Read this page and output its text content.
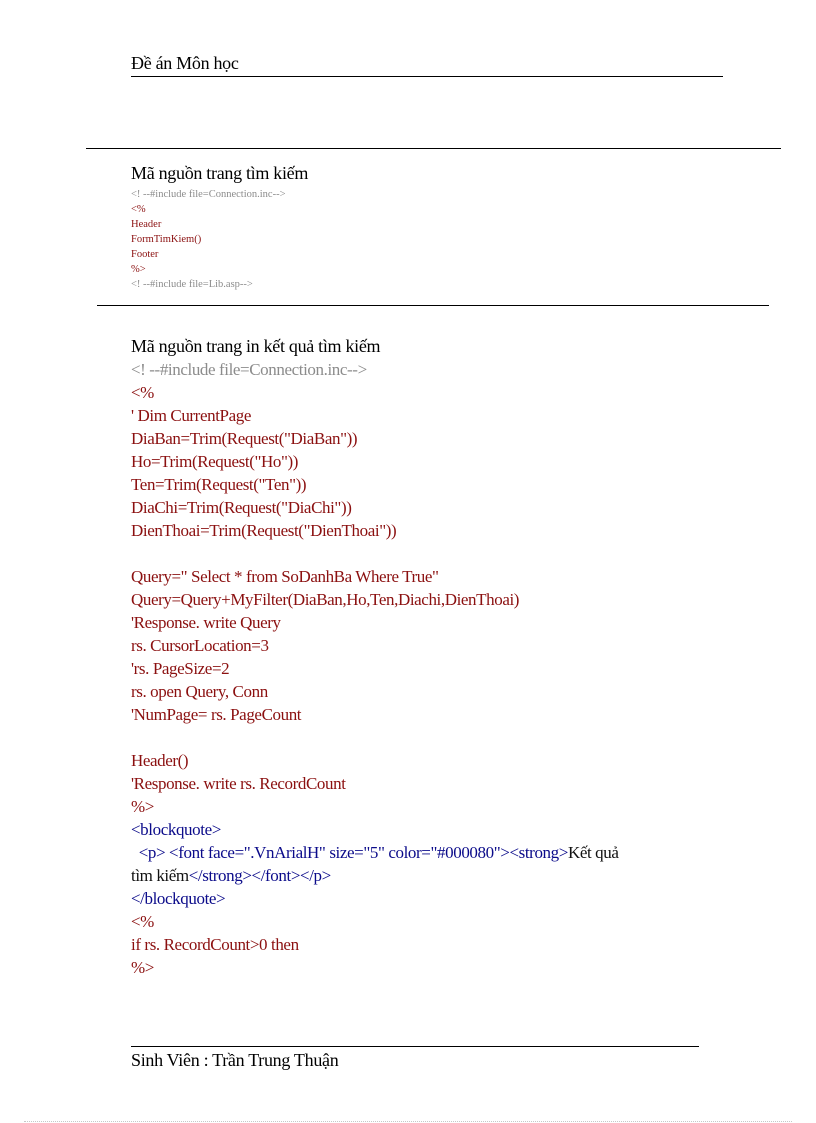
Đề án Môn học
Mã nguồn trang tìm kiếm
<! --#include file=Connection.inc-->
<%
Header
FormTimKiem()
Footer
%>
<! --#include file=Lib.asp-->
Mã nguồn trang in kết quả tìm kiếm
<! --#include file=Connection.inc-->
<%
' Dim CurrentPage
DiaBan=Trim(Request("DiaBan"))
Ho=Trim(Request("Ho"))
Ten=Trim(Request("Ten"))
DiaChi=Trim(Request("DiaChi"))
DienThoai=Trim(Request("DienThoai"))
Query=" Select * from SoDanhBa Where True"
Query=Query+MyFilter(DiaBan,Ho,Ten,Diachi,DienThoai)
'Response. write Query
rs. CursorLocation=3
'rs. PageSize=2
rs. open Query, Conn
'NumPage= rs. PageCount
Header()
'Response. write rs. RecordCount
%>
<blockquote>
<p> <font face=".VnArialH" size="5" color="#000080"><strong>Kết quả
tìm kiếm</strong></font></p>
</blockquote>
<%
if rs. RecordCount>0 then
%>
Sinh Viên : Trần Trung Thuận
